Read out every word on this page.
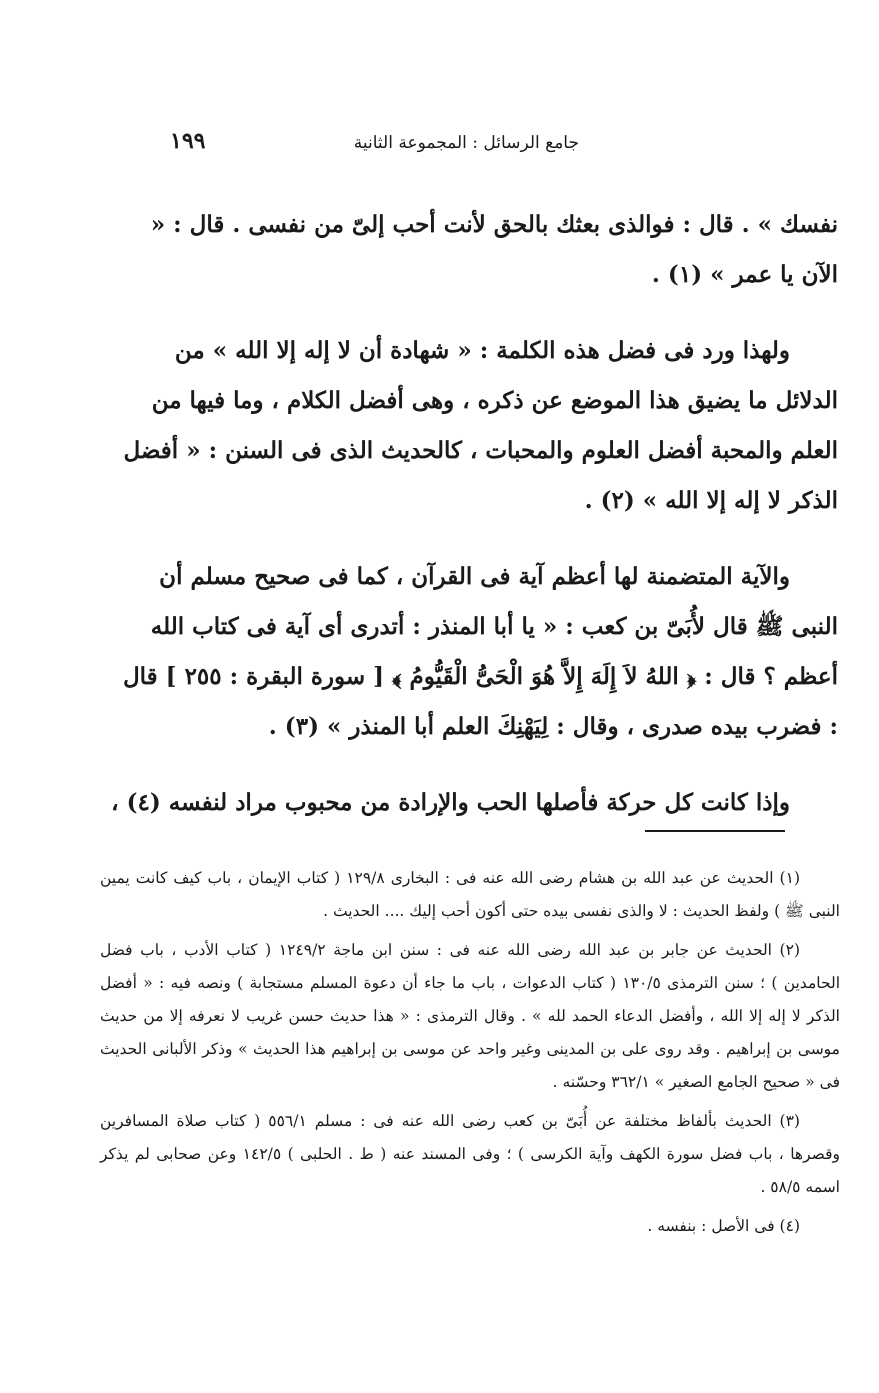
جامع الرسائل : المجموعة الثانية
١٩٩

نفسك » . قال : فوالذى بعثك بالحق لأنت أحب إلىّ من نفسى . قال : « الآن يا عمر » (١) .

ولهذا ورد فى فضل هذه الكلمة : « شهادة أن لا إله إلا الله » من الدلائل ما يضيق هذا الموضع عن ذكره ، وهى أفضل الكلام ، وما فيها من العلم والمحبة أفضل العلوم والمحبات ، كالحديث الذى فى السنن : « أفضل الذكر لا إله إلا الله » (٢) .

والآية المتضمنة لها أعظم آية فى القرآن ، كما فى صحيح مسلم أن النبى ﷺ قال لأُبَىّ بن كعب : « يا أبا المنذر : أتدرى أى آية فى كتاب الله أعظم ؟ قال : ﴿ اللهُ لاَ إِلَهَ إِلاَّ هُوَ الْحَىُّ الْقَيُّومُ ﴾ [ سورة البقرة : ٢٥٥ ] قال : فضرب بيده صدرى ، وقال : لِيَهْنِكَ العلم أبا المنذر » (٣) .

وإذا كانت كل حركة فأصلها الحب والإرادة من محبوب مراد لنفسه (٤) ،

(١) الحديث عن عبد الله بن هشام رضى الله عنه فى : البخارى ١٢٩/٨ ( كتاب الإيمان ، باب كيف كانت يمين النبى ﷺ ) ولفظ الحديث : لا والذى نفسى بيده حتى أكون أحب إليك .... الحديث .

(٢) الحديث عن جابر بن عبد الله رضى الله عنه فى : سنن ابن ماجة ١٢٤٩/٢ ( كتاب الأدب ، باب فضل الحامدين ) ؛ سنن الترمذى ١٣٠/٥ ( كتاب الدعوات ، باب ما جاء أن دعوة المسلم مستجابة ) ونصه فيه : « أفضل الذكر لا إله إلا الله ، وأفضل الدعاء الحمد لله » . وقال الترمذى : « هذا حديث حسن غريب لا نعرفه إلا من حديث موسى بن إبراهيم . وقد روى على بن المدينى وغير واحد عن موسى بن إبراهيم هذا الحديث » وذكر الألبانى الحديث فى « صحيح الجامع الصغير » ٣٦٢/١ وحسّنه .

(٣) الحديث بألفاظ مختلفة عن أُبَىّ بن كعب رضى الله عنه فى : مسلم ٥٥٦/١ ( كتاب صلاة المسافرين وقصرها ، باب فضل سورة الكهف وآية الكرسى ) ؛ وفى المسند عنه ( ط . الحلبى ) ١٤٢/٥ وعن صحابى لم يذكر اسمه ٥٨/٥ .

(٤) فى الأصل : بنفسه .
